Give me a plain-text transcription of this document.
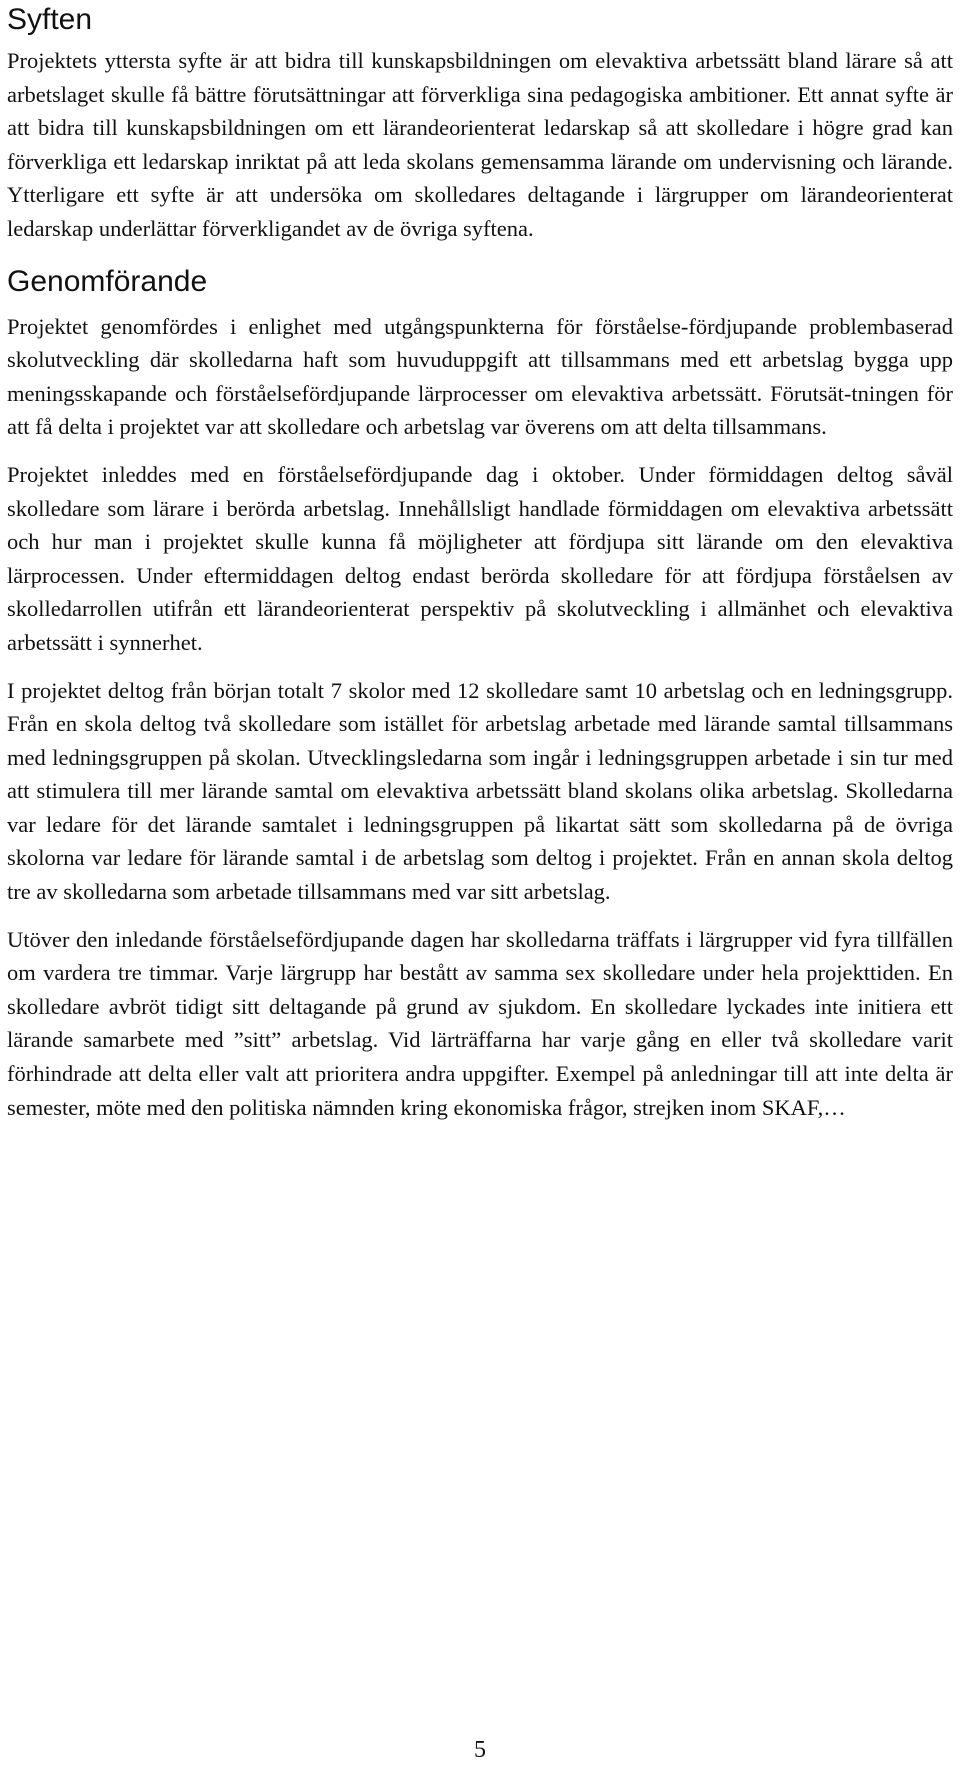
Syften

Projektets yttersta syfte är att bidra till kunskapsbildningen om elevaktiva arbetssätt bland lärare så att arbetslaget skulle få bättre förutsättningar att förverkliga sina pedagogiska ambitioner. Ett annat syfte är att bidra till kunskapsbildningen om ett lärandeorienterat ledarskap så att skolledare i högre grad kan förverkliga ett ledarskap inriktat på att leda skolans gemensamma lärande om undervisning och lärande. Ytterligare ett syfte är att undersöka om skolledares deltagande i lärgrupper om lärandeorienterat ledarskap underlättar förverkligandet av de övriga syftena.

Genomförande

Projektet genomfördes i enlighet med utgångspunkterna för förståelse-fördjupande problembaserad skolutveckling där skolledarna haft som huvuduppgift att tillsammans med ett arbetslag bygga upp meningsskapande och förståelsefördjupande lärprocesser om elevaktiva arbetssätt. Förutsät-tningen för att få delta i projektet var att skolledare och arbetslag var överens om att delta tillsammans.

Projektet inleddes med en förståelsefördjupande dag i oktober. Under förmiddagen deltog såväl skolledare som lärare i berörda arbetslag. Innehållsligt handlade förmiddagen om elevaktiva arbetssätt och hur man i projektet skulle kunna få möjligheter att fördjupa sitt lärande om den elevaktiva lärprocessen. Under eftermiddagen deltog endast berörda skolledare för att fördjupa förståelsen av skolledarrollen utifrån ett lärandeorienterat perspektiv på skolutveckling i allmänhet och elevaktiva arbetssätt i synnerhet.

I projektet deltog från början totalt 7 skolor med 12 skolledare samt 10 arbetslag och en ledningsgrupp. Från en skola deltog två skolledare som istället för arbetslag arbetade med lärande samtal tillsammans med ledningsgruppen på skolan. Utvecklingsledarna som ingår i ledningsgruppen arbetade i sin tur med att stimulera till mer lärande samtal om elevaktiva arbetssätt bland skolans olika arbetslag. Skolledarna var ledare för det lärande samtalet i ledningsgruppen på likartat sätt som skolledarna på de övriga skolorna var ledare för lärande samtal i de arbetslag som deltog i projektet. Från en annan skola deltog tre av skolledarna som arbetade tillsammans med var sitt arbetslag.

Utöver den inledande förståelsefördjupande dagen har skolledarna träffats i lärgrupper vid fyra tillfällen om vardera tre timmar. Varje lärgrupp har bestått av samma sex skolledare under hela projekttiden. En skolledare avbröt tidigt sitt deltagande på grund av sjukdom. En skolledare lyckades inte initiera ett lärande samarbete med ”sitt” arbetslag. Vid lärträffarna har varje gång en eller två skolledare varit förhindrade att delta eller valt att prioritera andra uppgifter. Exempel på anledningar till att inte delta är semester, möte med den politiska nämnden kring ekonomiska frågor, strejken inom SKAF,…

5
